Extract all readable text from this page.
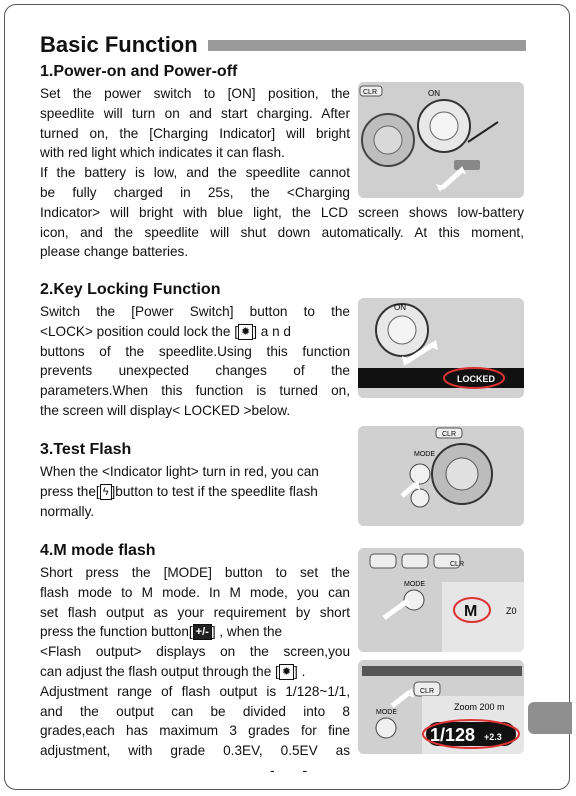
Basic Function
1.Power-on and Power-off
Set the power switch to [ON] position, the
speedlite will turn on and start charging. After
turned on, the [Charging Indicator] will bright
with red light which indicates it can flash.
If the battery is low, and the speedlite cannot
be fully charged in 25s, the <Charging
Indicator> will bright with blue light, the LCD screen shows low-battery
icon, and the speedlite will shut down automatically. At this moment,
please change batteries.
CLR	ON
2.Key Locking Function
Switch the [Power Switch] button to the
<LOCK> position could lock the [ ✹ ] a n d
buttons of the speedlite.Using this function
prevents unexpected changes of the
parameters.When this function is turned on,
the screen will display< LOCKED >below.
ON
LOCKED
3.Test Flash
When the <Indicator light> turn in red, you can
press the[ ϟ ]button to test if the speedlite flash
normally.
CLR
MODE
4.M mode flash
Short press the [MODE] button to set the
flash mode to M mode. In M mode, you can
set flash output as your requirement by short
press the function button[ +/- ] , when the
<Flash output> displays on the screen,you
can adjust the flash output through the [ ✹ ] .
Adjustment range of flash output is 1/128~1/1,
and the output can be divided into 8
grades,each has maximum 3 grades for fine
adjustment, with grade 0.3EV, 0.5EV as
CLR
MODE
M	Z0
CLR
MODE
Zoom 200 m
1/128 +2.3
- -
